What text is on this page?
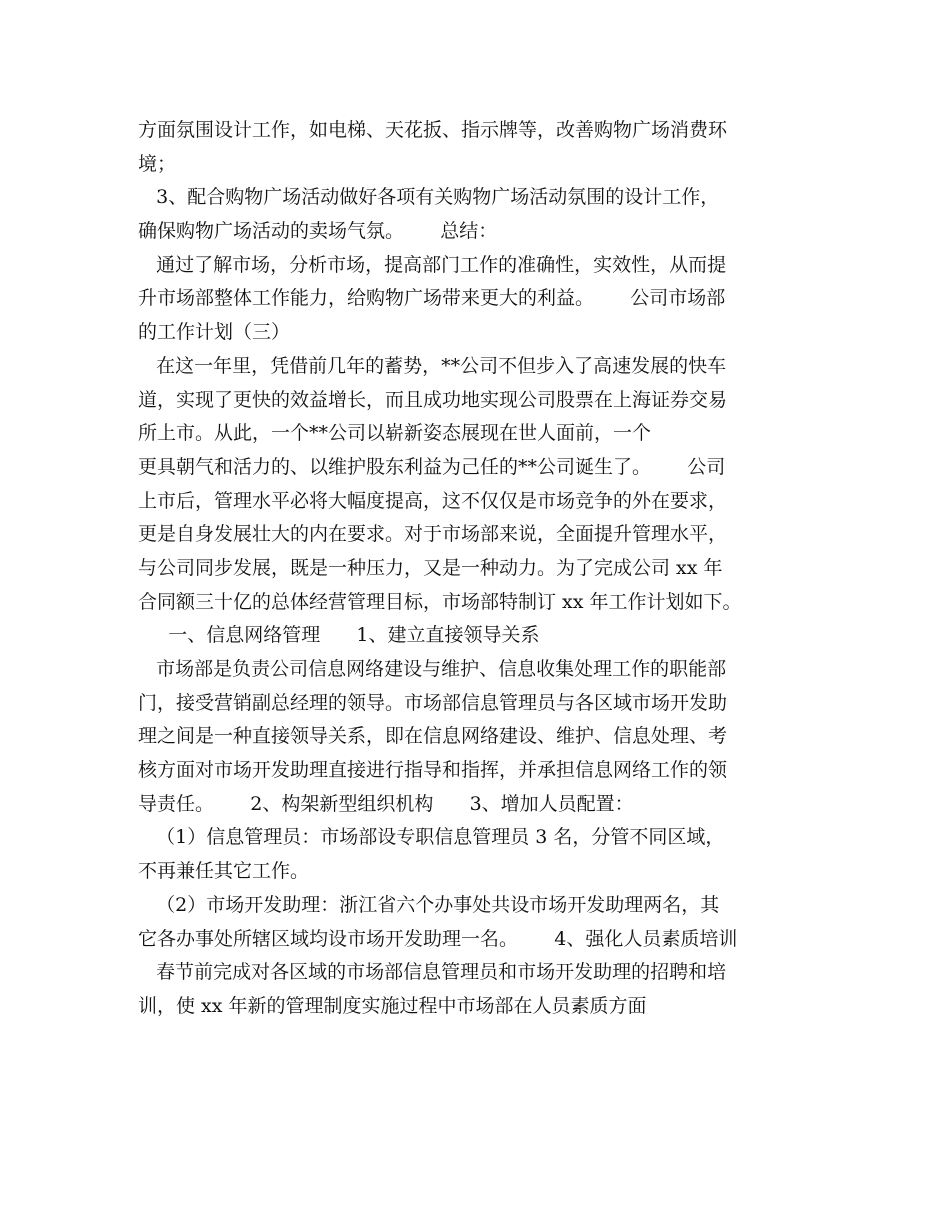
方面氛围设计工作，如电梯、天花扳、指示牌等，改善购物广场消费环
境；
3、配合购物广场活动做好各项有关购物广场活动氛围的设计工作，
确保购物广场活动的卖场气氛。      总结：
通过了解市场，分析市场，提高部门工作的准确性，实效性，从而提
升市场部整体工作能力，给购物广场带来更大的利益。      公司市场部
的工作计划（三）
在这一年里，凭借前几年的蓄势，**公司不但步入了高速发展的快车
道，实现了更快的效益增长，而且成功地实现公司股票在上海证券交易
所上市。从此，一个**公司以崭新姿态展现在世人面前，一个
更具朝气和活力的、以维护股东利益为己任的**公司诞生了。      公司
上市后，管理水平必将大幅度提高，这不仅仅是市场竞争的外在要求，
更是自身发展壮大的内在要求。对于市场部来说，全面提升管理水平，
与公司同步发展，既是一种压力，又是一种动力。为了完成公司 xx 年
合同额三十亿的总体经营管理目标，市场部特制订 xx 年工作计划如下。
一、信息网络管理      1、建立直接领导关系
市场部是负责公司信息网络建设与维护、信息收集处理工作的职能部
门，接受营销副总经理的领导。市场部信息管理员与各区域市场开发助
理之间是一种直接领导关系，即在信息网络建设、维护、信息处理、考
核方面对市场开发助理直接进行指导和指挥，并承担信息网络工作的领
导责任。      2、构架新型组织机构      3、增加人员配置：
（1）信息管理员：市场部设专职信息管理员 3 名，分管不同区域，
不再兼任其它工作。
（2）市场开发助理：浙江省六个办事处共设市场开发助理两名，其
它各办事处所辖区域均设市场开发助理一名。      4、强化人员素质培训
春节前完成对各区域的市场部信息管理员和市场开发助理的招聘和培
训，使 xx 年新的管理制度实施过程中市场部在人员素质方面
